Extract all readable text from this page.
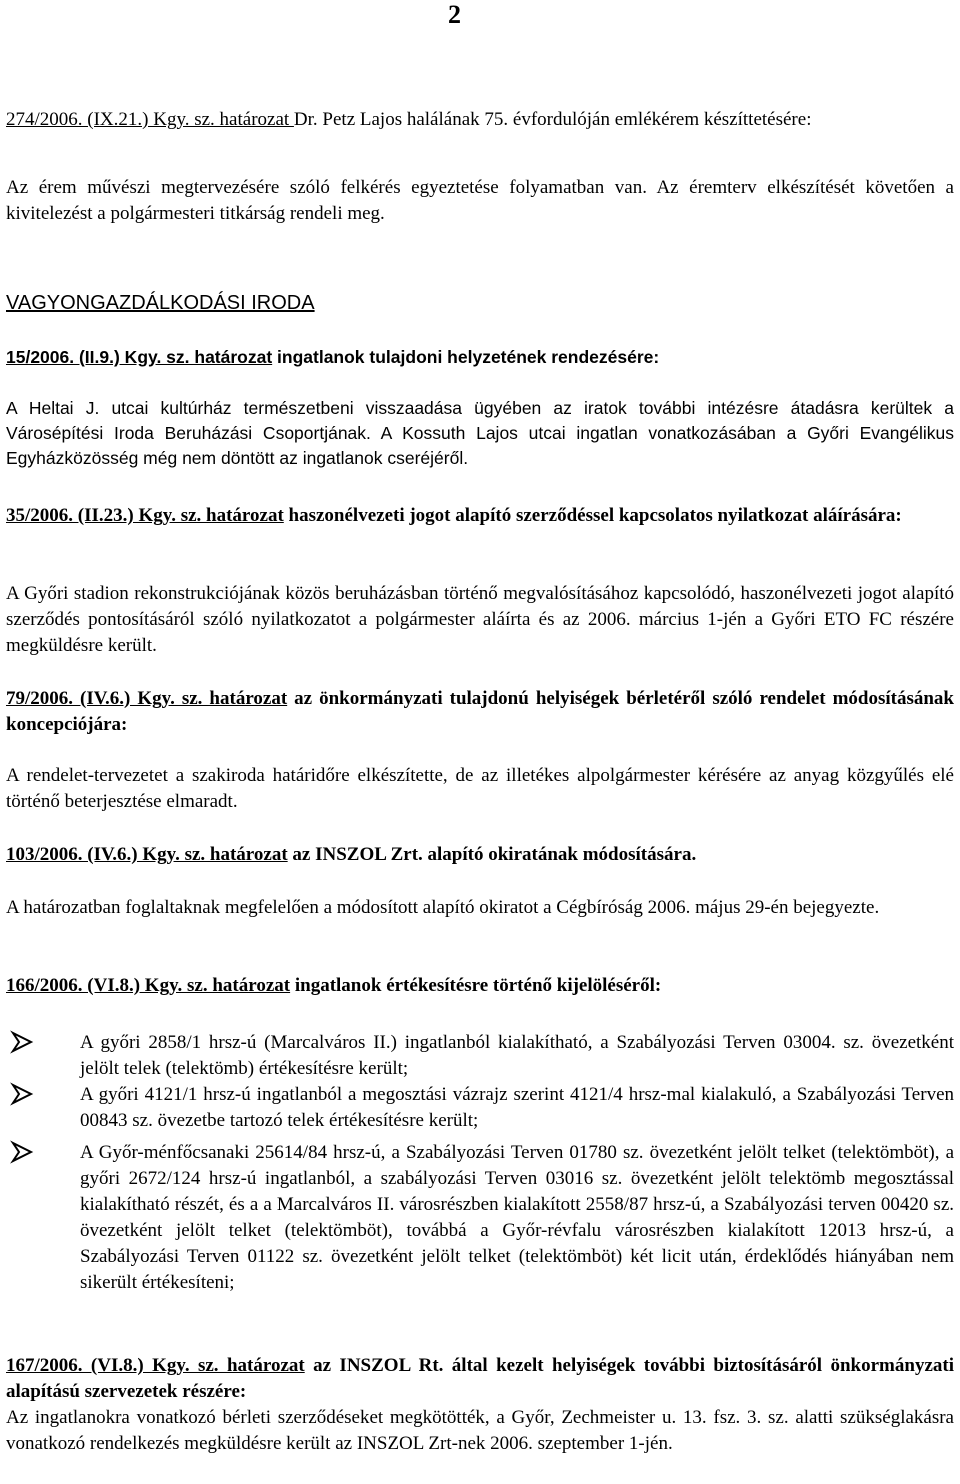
2

274/2006. (IX.21.) Kgy. sz. határozat Dr. Petz Lajos halálának 75. évfordulóján emlékérem készíttetésére:

Az érem művészi megtervezésére szóló felkérés egyeztetése folyamatban van. Az éremterv elkészítését követően a kivitelezést a polgármesteri titkárság rendeli meg.

VAGYONGAZDÁLKODÁSI IRODA

15/2006. (II.9.) Kgy. sz. határozat ingatlanok tulajdoni helyzetének rendezésére:

A Heltai J. utcai kultúrház természetbeni visszaadása ügyében az iratok további intézésre átadásra kerültek a Városépítési Iroda Beruházási Csoportjának. A Kossuth Lajos utcai ingatlan vonatkozásában a Győri Evangélikus Egyházközösség még nem döntött az ingatlanok cseréjéről.

35/2006. (II.23.) Kgy. sz. határozat haszonélvezeti jogot alapító szerződéssel kapcsolatos nyilatkozat aláírására:

A Győri stadion rekonstrukciójának közös beruházásban történő megvalósításához kapcsolódó, haszonélvezeti jogot alapító szerződés pontosításáról szóló nyilatkozatot a polgármester aláírta és az 2006. március 1-jén a Győri ETO FC részére megküldésre került.

79/2006. (IV.6.) Kgy. sz. határozat az önkormányzati tulajdonú helyiségek bérletéről szóló rendelet módosításának koncepciójára:

A rendelet-tervezetet a szakiroda határidőre elkészítette, de az illetékes alpolgármester kérésére az anyag közgyűlés elé történő beterjesztése elmaradt.

103/2006. (IV.6.) Kgy. sz. határozat az INSZOL Zrt. alapító okiratának módosítására.

A határozatban foglaltaknak megfelelően a módosított alapító okiratot a Cégbíróság 2006. május 29-én bejegyezte.

166/2006. (VI.8.) Kgy. sz. határozat ingatlanok értékesítésre történő kijelöléséről:

A győri 2858/1 hrsz-ú (Marcalváros II.) ingatlanból kialakítható, a Szabályozási Terven 03004. sz. övezetként jelölt telek (telektömb) értékesítésre került;

A győri 4121/1 hrsz-ú ingatlanból a megosztási vázrajz szerint 4121/4 hrsz-mal kialakuló, a Szabályozási Terven 00843 sz. övezetbe tartozó telek értékesítésre került;

A Győr-ménfőcsanaki 25614/84 hrsz-ú, a Szabályozási Terven 01780 sz. övezetként jelölt telket (telektömböt), a győri 2672/124 hrsz-ú ingatlanból, a szabályozási Terven 03016 sz. övezetként jelölt telektömb megosztással kialakítható részét, és a a Marcalváros II. városrészben kialakított 2558/87 hrsz-ú, a Szabályozási terven 00420 sz. övezetként jelölt telket (telektömböt), továbbá a Győr-révfalu városrészben kialakított 12013 hrsz-ú, a Szabályozási Terven 01122 sz. övezetként jelölt telket (telektömböt) két licit után, érdeklődés hiányában nem sikerült értékesíteni;

167/2006. (VI.8.) Kgy. sz. határozat az INSZOL Rt. által kezelt helyiségek további biztosításáról önkormányzati alapítású szervezetek részére:

Az ingatlanokra vonatkozó bérleti szerződéseket megkötötték, a Győr, Zechmeister u. 13. fsz. 3. sz. alatti szükséglakásra vonatkozó rendelkezés megküldésre került az INSZOL Zrt-nek 2006. szeptember 1-jén.
